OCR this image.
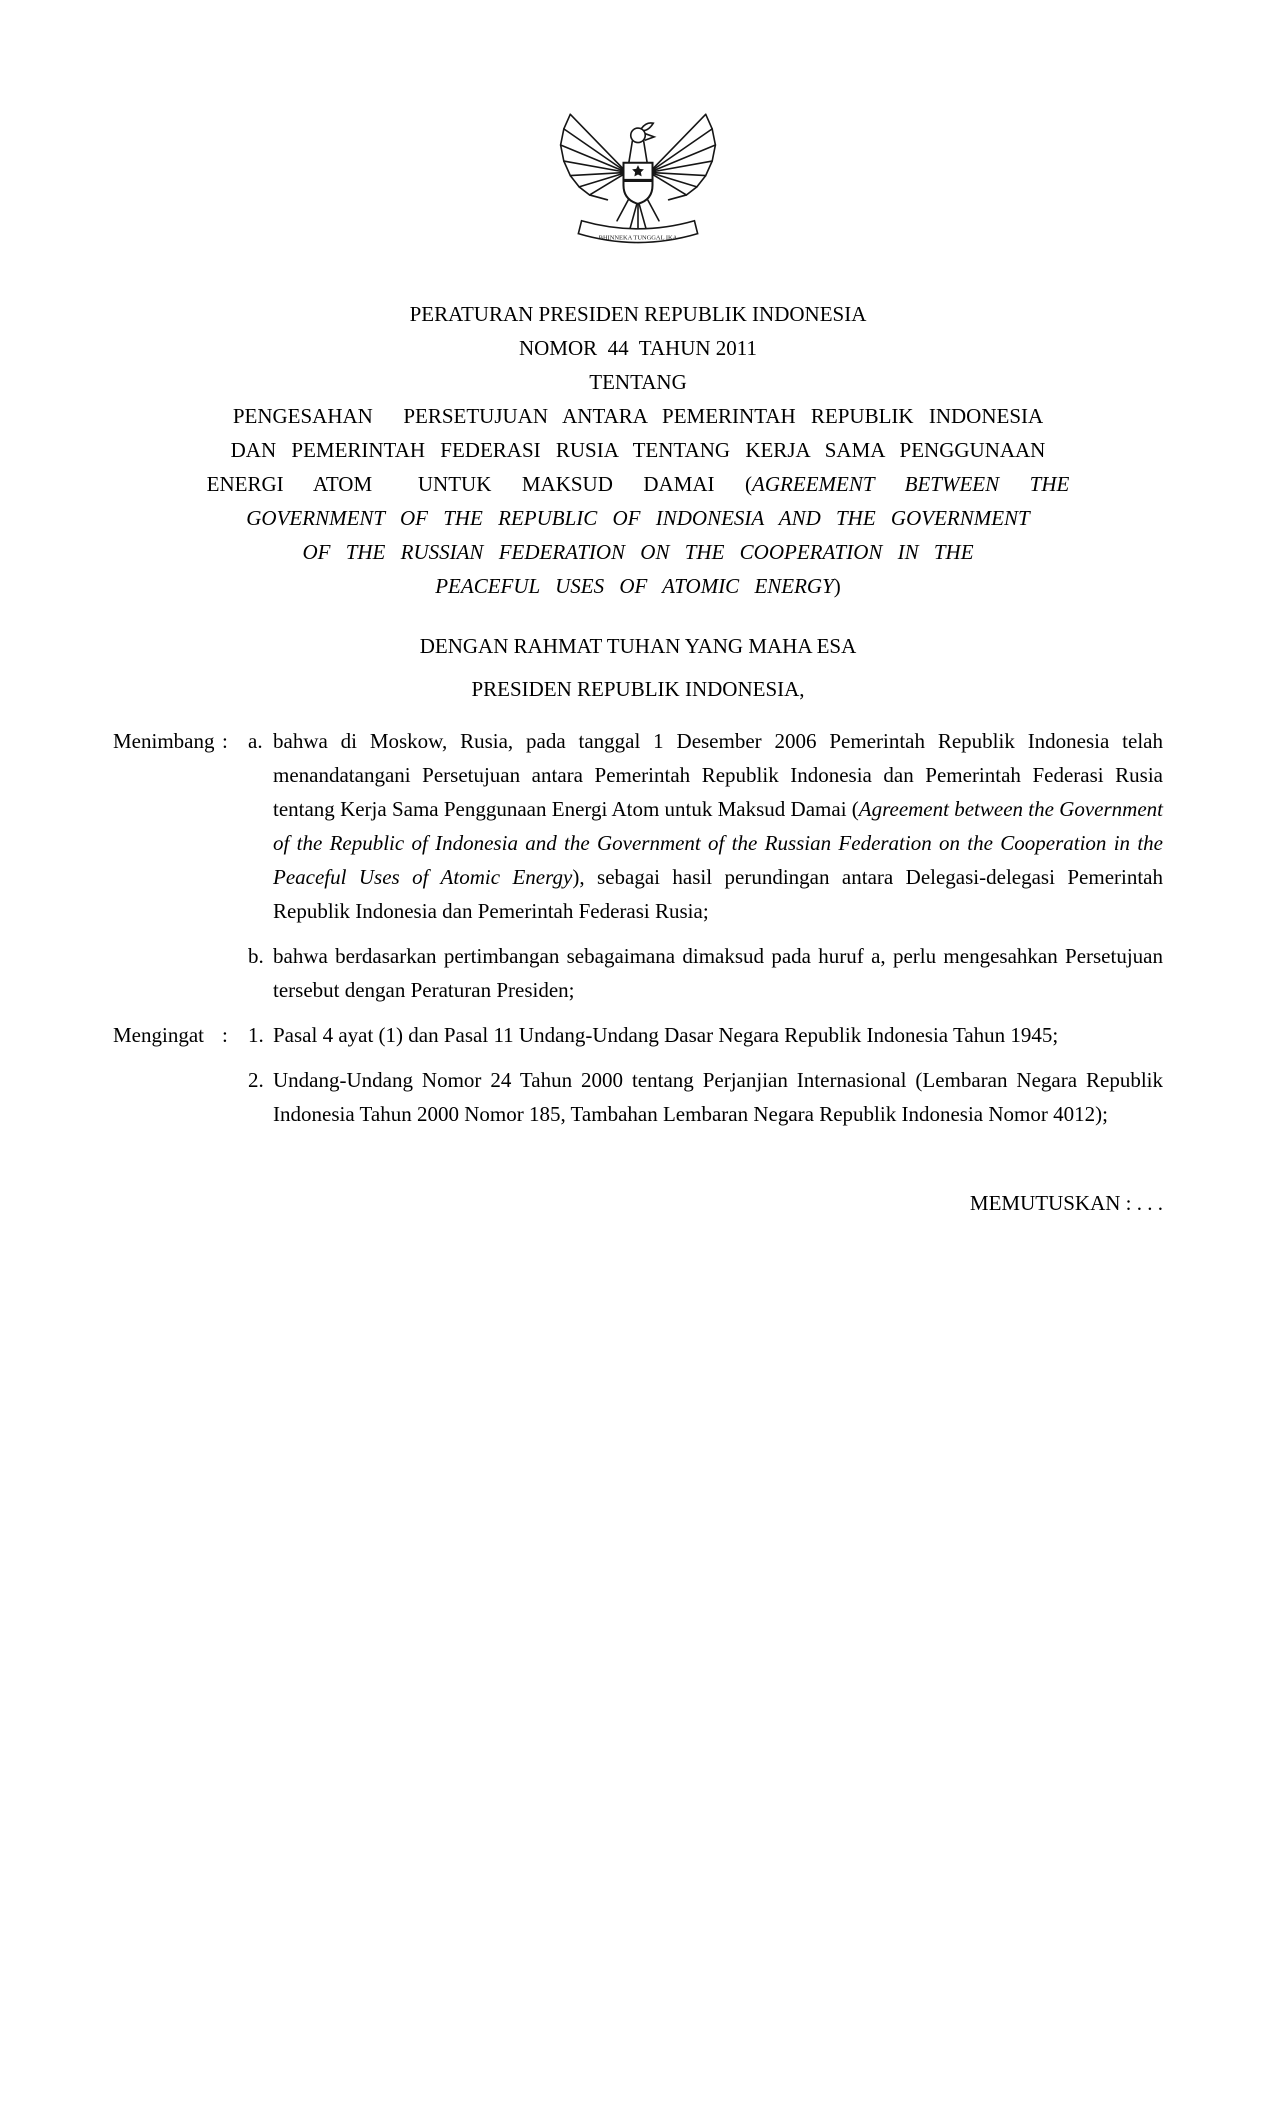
BHINNEKA TUNGGAL IKA
PERATURAN PRESIDEN REPUBLIK INDONESIA
NOMOR  44  TAHUN 2011
TENTANG
PENGESAHAN  PERSETUJUAN ANTARA PEMERINTAH REPUBLIK INDONESIA
DAN PEMERINTAH FEDERASI RUSIA TENTANG KERJA SAMA PENGGUNAAN
ENERGI  ATOM   UNTUK  MAKSUD  DAMAI  (AGREEMENT  BETWEEN  THE
GOVERNMENT OF THE REPUBLIC OF INDONESIA AND THE GOVERNMENT
OF THE RUSSIAN FEDERATION ON THE COOPERATION IN THE
PEACEFUL USES OF ATOMIC ENERGY)
DENGAN RAHMAT TUHAN YANG MAHA ESA
PRESIDEN REPUBLIK INDONESIA,
Menimbang : a. bahwa di Moskow, Rusia, pada tanggal 1 Desember 2006 Pemerintah Republik Indonesia telah menandatangani Persetujuan antara Pemerintah Republik Indonesia dan Pemerintah Federasi Rusia tentang Kerja Sama Penggunaan Energi Atom untuk Maksud Damai (Agreement between the Government of the Republic of Indonesia and the Government of the Russian Federation on the Cooperation in the Peaceful Uses of Atomic Energy), sebagai hasil perundingan antara Delegasi-delegasi Pemerintah Republik Indonesia dan Pemerintah Federasi Rusia;
b. bahwa berdasarkan pertimbangan sebagaimana dimaksud pada huruf a, perlu mengesahkan Persetujuan tersebut dengan Peraturan Presiden;
Mengingat : 1. Pasal 4 ayat (1) dan Pasal 11 Undang-Undang Dasar Negara Republik Indonesia Tahun 1945;
2. Undang-Undang Nomor 24 Tahun 2000 tentang Perjanjian Internasional (Lembaran Negara Republik Indonesia Tahun 2000 Nomor 185, Tambahan Lembaran Negara Republik Indonesia Nomor 4012);
MEMUTUSKAN : . . .
